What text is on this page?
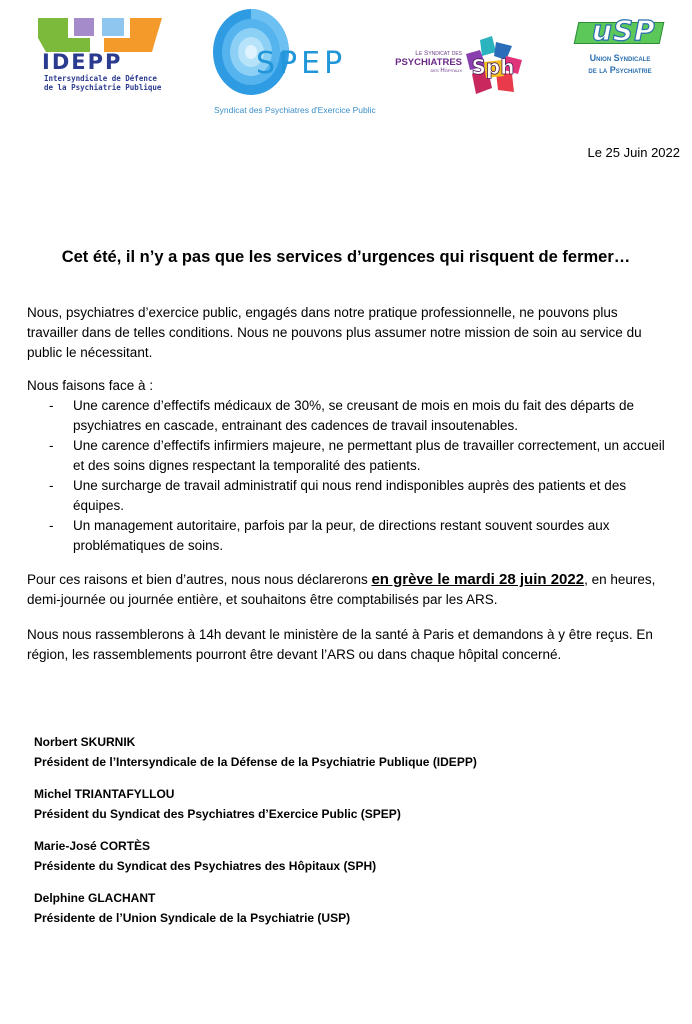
IDEPP
Intersyndicale de Défence
de la Psychiatrie Publique
SPEP
Syndicat des Psychiatres d'Exercice Public
Le Syndicat des
PSYCHIATRES
des Hôpitaux Sph
uSP
Union Syndicale
de la Psychiatrie
Le 25 Juin 2022
Cet été, il n’y a pas que les services d’urgences qui risquent de fermer…
Nous, psychiatres d’exercice public, engagés dans notre pratique professionnelle, ne pouvons plus travailler dans de telles conditions. Nous ne pouvons plus assumer notre mission de soin au service du public le nécessitant.
Nous faisons face à :
- Une carence d’effectifs médicaux de 30%, se creusant de mois en mois du fait des départs de psychiatres en cascade, entrainant des cadences de travail insoutenables.
- Une carence d’effectifs infirmiers majeure, ne permettant plus de travailler correctement, un accueil et des soins dignes respectant la temporalité des patients.
- Une surcharge de travail administratif qui nous rend indisponibles auprès des patients et des équipes.
- Un management autoritaire, parfois par la peur, de directions restant souvent sourdes aux problématiques de soins.
Pour ces raisons et bien d’autres, nous nous déclarerons en grève le mardi 28 juin 2022, en heures, demi-journée ou journée entière, et souhaitons être comptabilisés par les ARS.
Nous nous rassemblerons à 14h devant le ministère de la santé à Paris et demandons à y être reçus. En région, les rassemblements pourront être devant l’ARS ou dans chaque hôpital concerné.
Norbert SKURNIK
Président de l’Intersyndicale de la Défense de la Psychiatrie Publique (IDEPP)
Michel TRIANTAFYLLOU
Président du Syndicat des Psychiatres d’Exercice Public (SPEP)
Marie-José CORTÈS
Présidente du Syndicat des Psychiatres des Hôpitaux (SPH)
Delphine GLACHANT
Présidente de l’Union Syndicale de la Psychiatrie (USP)
